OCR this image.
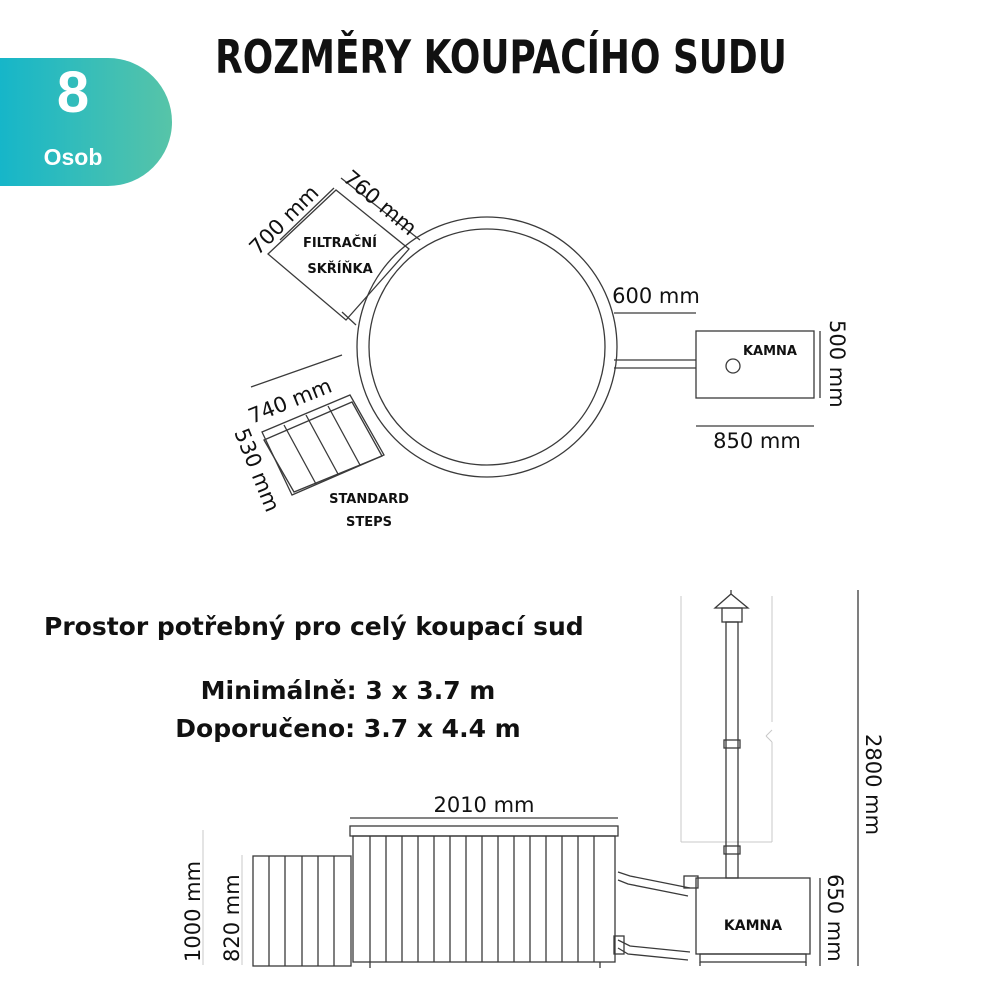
ROZMĚRY KOUPACÍHO SUDU
8
Osob
FILTRAČNÍ
SKŘÍŇKA
700 mm 760 mm
600 mm
KAMNA 500 mm
850 mm
740 mm
530 mm	STANDARD
STEPS
2010 mm
1000 mm 820 mm
2800 mm
650 mm
KAMNA
Prostor potřebný pro celý koupací sud
Minimálně: 3 x 3.7 m
Doporučeno: 3.7 x 4.4 m
